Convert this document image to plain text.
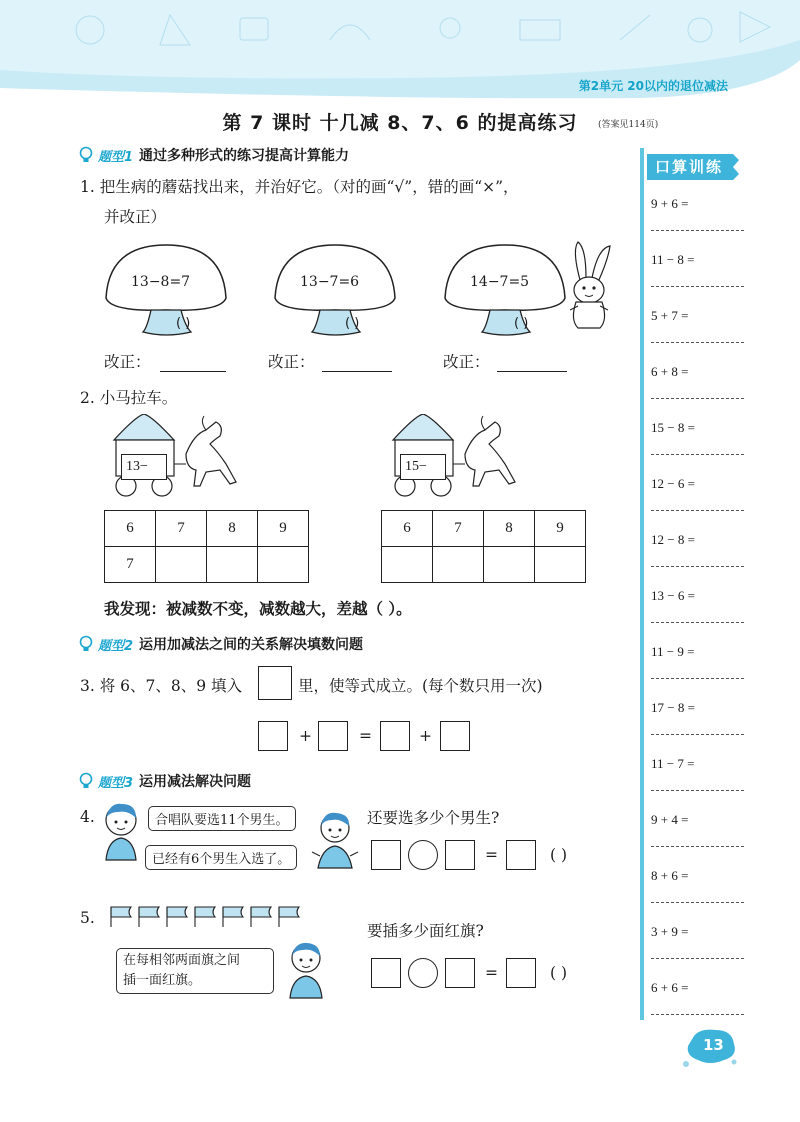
第2单元 20以内的退位减法
第 7 课时 十几减 8、7、6 的提高练习	(答案见114页)
题型1 通过多种形式的练习提高计算能力
1. 把生病的蘑菇找出来，并治好它。（对的画“√”，错的画“×”，
并改正）
13−8=7
( )
13−7=6
( )
14−7=5
( )
改正：	改正：	改正：
2. 小马拉车。
13−	15−
6	7	8	9
7			
6	7	8	9

我发现：被减数不变，减数越大，差越（ ）。
题型2 运用加减法之间的关系解决填数问题
3. 将 6、7、8、9 填入	里，使等式成立。(每个数只用一次)
+	=	+
题型3 运用减法解决问题
4.	合唱队要选11个男生。
已经有6个男生入选了。
还要选多少个男生?
=	( )
5.
要插多少面红旗?
在每相邻两面旗之间
插一面红旗。	=	( )
口算训练
9 + 6 =
11 − 8 =
5 + 7 =
6 + 8 =
15 − 8 =
12 − 6 =
12 − 8 =
13 − 6 =
11 − 9 =
17 − 8 =
11 − 7 =
9 + 4 =
8 + 6 =
3 + 9 =
6 + 6 =
13
